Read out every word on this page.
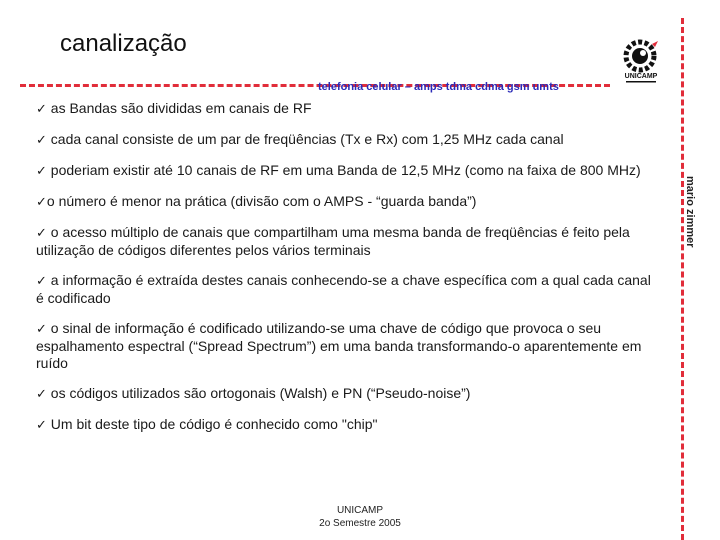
canalização
telefonia celular – amps tdma cdma gsm umts
UNICAMP
mario zimmer
✓ as Bandas são divididas em canais de RF
✓ cada canal consiste de um par de freqüências (Tx e Rx) com 1,25 MHz cada canal
✓ poderiam existir até 10 canais de RF em uma Banda de 12,5 MHz (como na faixa de 800 MHz)
✓o número é menor na prática (divisão com o AMPS - “guarda banda”)
✓ o acesso múltiplo de canais que compartilham uma mesma banda de freqüências é feito pela utilização de códigos diferentes pelos vários terminais
✓ a informação é extraída destes canais conhecendo-se a chave específica com a qual cada canal é codificado
✓ o sinal de informação é codificado utilizando-se uma chave de código que provoca o seu espalhamento espectral (“Spread Spectrum”) em uma banda transformando-o aparentemente em ruído
✓ os códigos utilizados são ortogonais (Walsh) e PN (“Pseudo-noise”)
✓ Um bit deste tipo de código é conhecido como "chip"
UNICAMP
2o Semestre 2005
